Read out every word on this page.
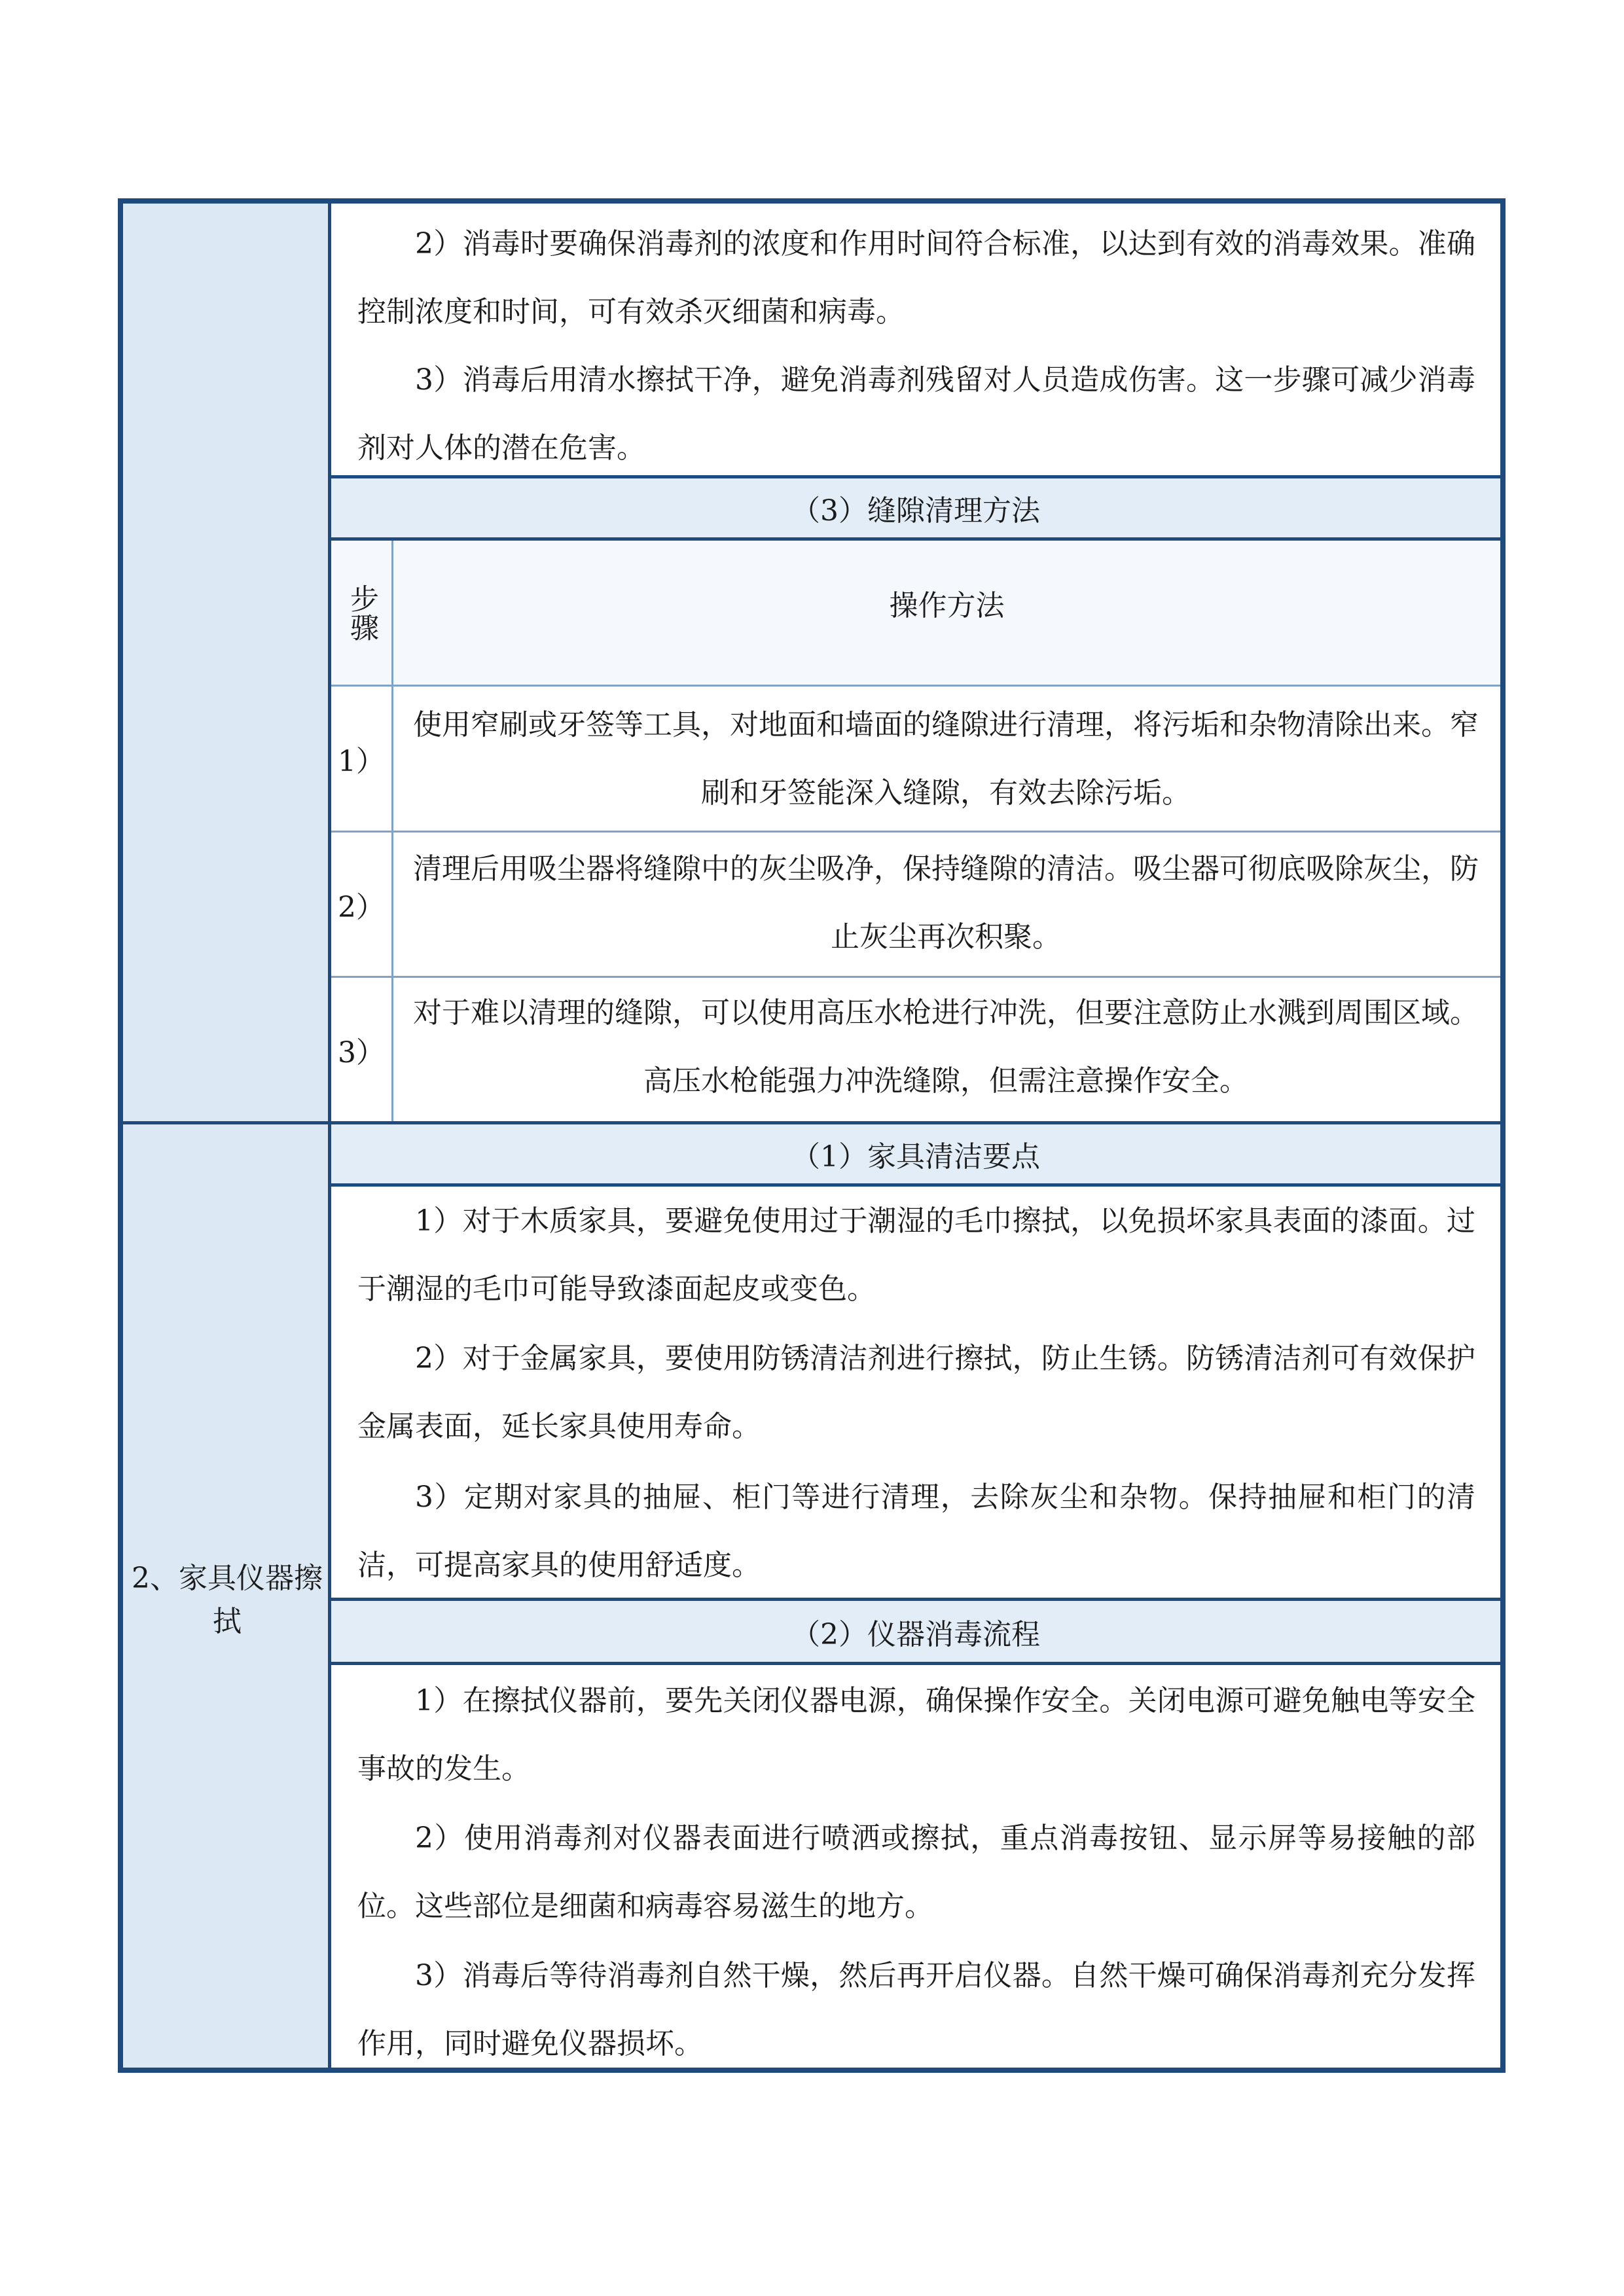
2、家具仪器擦拭
2）消毒时要确保消毒剂的浓度和作用时间符合标准，以达到有效的消毒效果。准确控制浓度和时间，可有效杀灭细菌和病毒。
3）消毒后用清水擦拭干净，避免消毒剂残留对人员造成伤害。这一步骤可减少消毒剂对人体的潜在危害。
（3）缝隙清理方法
步骤	操作方法
1）
使用窄刷或牙签等工具，对地面和墙面的缝隙进行清理，将污垢和杂物清除出来。窄刷和牙签能深入缝隙，有效去除污垢。
2）
清理后用吸尘器将缝隙中的灰尘吸净，保持缝隙的清洁。吸尘器可彻底吸除灰尘，防止灰尘再次积聚。
3）
对于难以清理的缝隙，可以使用高压水枪进行冲洗，但要注意防止水溅到周围区域。高压水枪能强力冲洗缝隙，但需注意操作安全。
（1）家具清洁要点
1）对于木质家具，要避免使用过于潮湿的毛巾擦拭，以免损坏家具表面的漆面。过于潮湿的毛巾可能导致漆面起皮或变色。
2）对于金属家具，要使用防锈清洁剂进行擦拭，防止生锈。防锈清洁剂可有效保护金属表面，延长家具使用寿命。
3）定期对家具的抽屉、柜门等进行清理，去除灰尘和杂物。保持抽屉和柜门的清洁，可提高家具的使用舒适度。
（2）仪器消毒流程
1）在擦拭仪器前，要先关闭仪器电源，确保操作安全。关闭电源可避免触电等安全事故的发生。
2）使用消毒剂对仪器表面进行喷洒或擦拭，重点消毒按钮、显示屏等易接触的部位。这些部位是细菌和病毒容易滋生的地方。
3）消毒后等待消毒剂自然干燥，然后再开启仪器。自然干燥可确保消毒剂充分发挥作用，同时避免仪器损坏。
